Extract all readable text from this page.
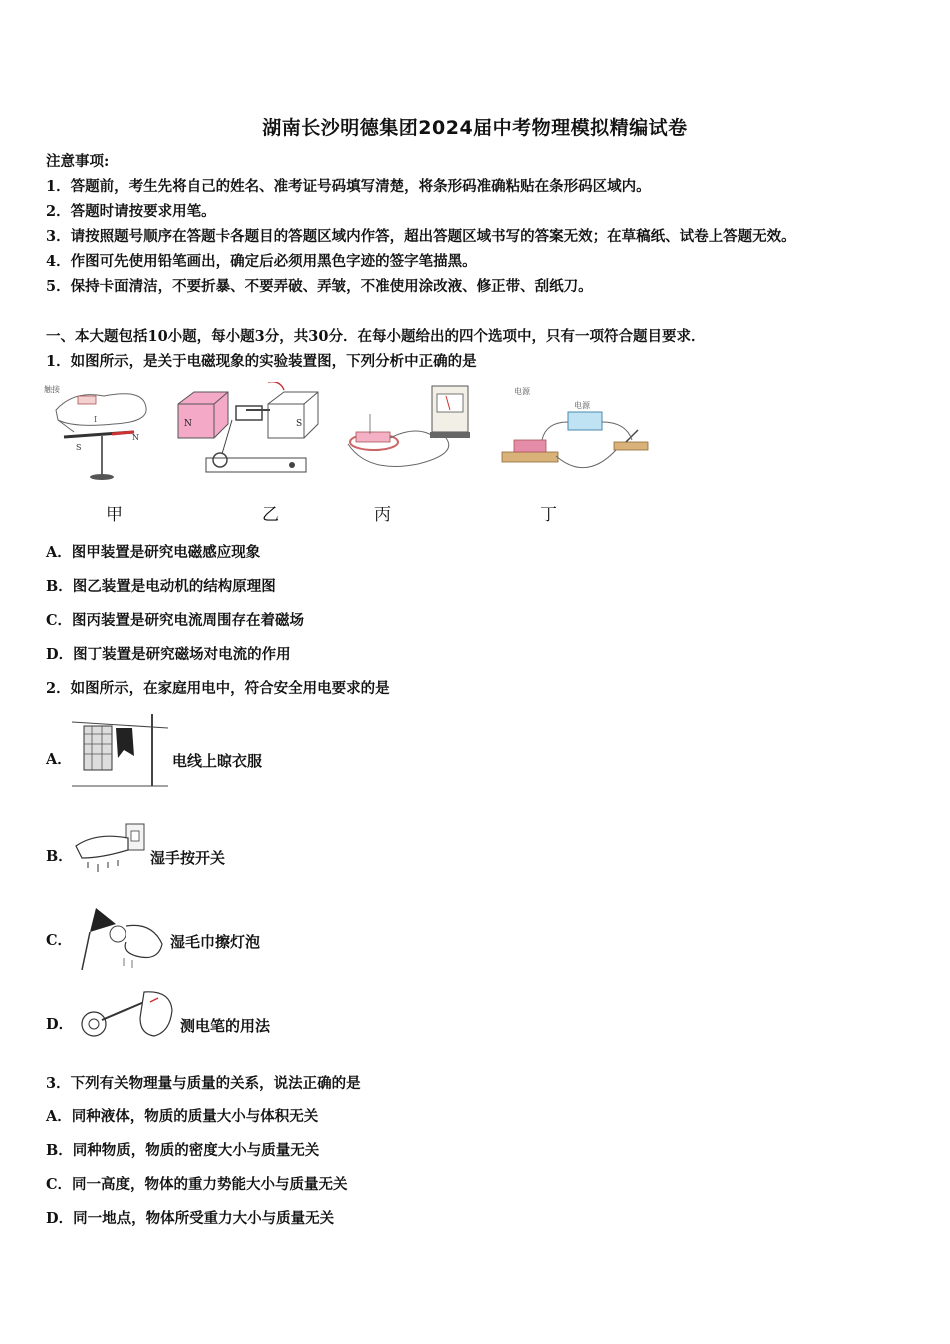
湖南长沙明德集团2024届中考物理模拟精编试卷
注意事项:
1．答题前，考生先将自己的姓名、准考证号码填写清楚，将条形码准确粘贴在条形码区域内。
2．答题时请按要求用笔。
3．请按照题号顺序在答题卡各题目的答题区域内作答，超出答题区域书写的答案无效；在草稿纸、试卷上答题无效。
4．作图可先使用铅笔画出，确定后必须用黑色字迹的签字笔描黑。
5．保持卡面清洁，不要折暴、不要弄破、弄皱，不准使用涂改液、修正带、刮纸刀。
一、本大题包括10小题，每小题3分，共30分．在每小题给出的四个选项中，只有一项符合题目要求．
1．如图所示，是关于电磁现象的实验装置图，下列分析中正确的是
触接
I
S
N
N	S
电源
电源
甲	乙	丙	丁
A．图甲装置是研究电磁感应现象
B．图乙装置是电动机的结构原理图
C．图丙装置是研究电流周围存在着磁场
D．图丁装置是研究磁场对电流的作用
2．如图所示，在家庭用电中，符合安全用电要求的是
A．	电线上晾衣服
B．	湿手按开关
C．	湿毛巾擦灯泡
D．	测电笔的用法
3．下列有关物理量与质量的关系，说法正确的是
A．同种液体，物质的质量大小与体积无关
B．同种物质，物质的密度大小与质量无关
C．同一高度，物体的重力势能大小与质量无关
D．同一地点，物体所受重力大小与质量无关
